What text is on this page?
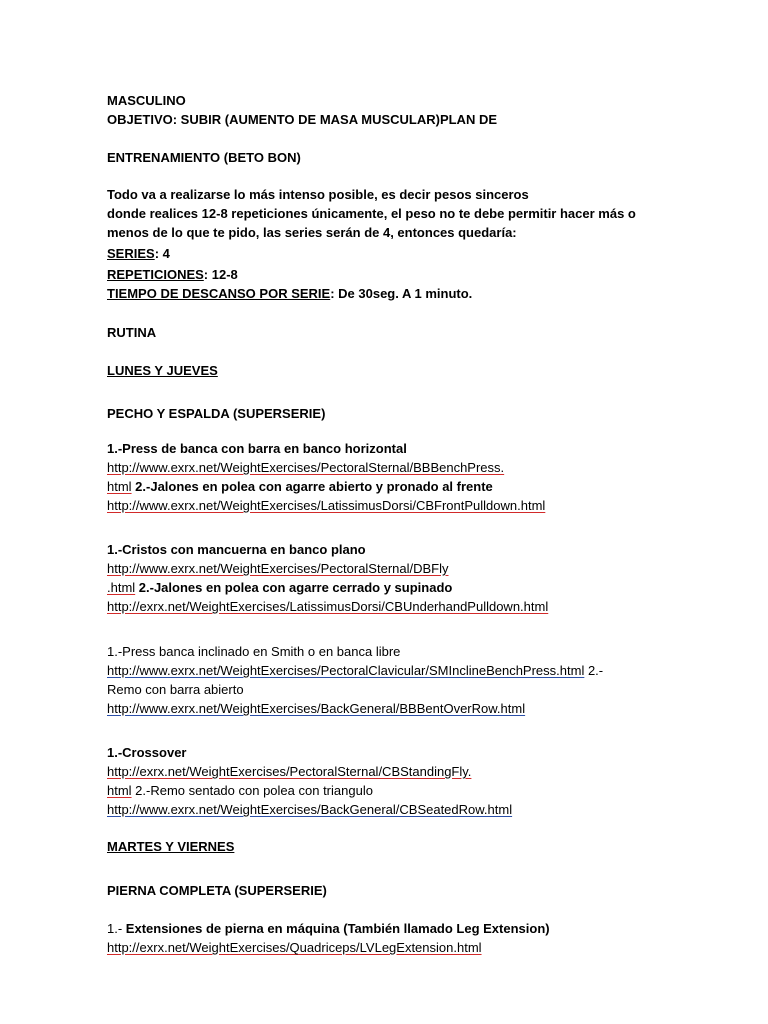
MASCULINO
OBJETIVO: SUBIR (AUMENTO DE MASA MUSCULAR)PLAN DE
ENTRENAMIENTO (BETO BON)
Todo va a realizarse lo más intenso posible, es decir pesos sinceros
donde realices 12-8 repeticiones únicamente, el peso no te debe permitir hacer más o
menos de lo que te pido, las series serán de 4, entonces quedaría:
SERIES: 4
REPETICIONES: 12-8
TIEMPO DE DESCANSO POR SERIE: De 30seg. A 1 minuto.
RUTINA
LUNES Y JUEVES
PECHO Y ESPALDA (SUPERSERIE)
1.-Press de banca con barra en banco horizontal
http://www.exrx.net/WeightExercises/PectoralSternal/BBBenchPress.
html 2.-Jalones en polea con agarre abierto y pronado al frente
http://www.exrx.net/WeightExercises/LatissimusDorsi/CBFrontPulldown.html
1.-Cristos con mancuerna en banco plano
http://www.exrx.net/WeightExercises/PectoralSternal/DBFly
.html 2.-Jalones en polea con agarre cerrado y supinado
http://exrx.net/WeightExercises/LatissimusDorsi/CBUnderhandPulldown.html
1.-Press banca inclinado en Smith o en banca libre
http://www.exrx.net/WeightExercises/PectoralClavicular/SMInclineBenchPress.html 2.-
Remo con barra abierto
http://www.exrx.net/WeightExercises/BackGeneral/BBBentOverRow.html
1.-Crossover
http://exrx.net/WeightExercises/PectoralSternal/CBStandingFly.
html 2.-Remo sentado con polea con triangulo
http://www.exrx.net/WeightExercises/BackGeneral/CBSeatedRow.html
MARTES Y VIERNES
PIERNA COMPLETA (SUPERSERIE)
1.- Extensiones de pierna en máquina (También llamado Leg Extension)
http://exrx.net/WeightExercises/Quadriceps/LVLegExtension.html
